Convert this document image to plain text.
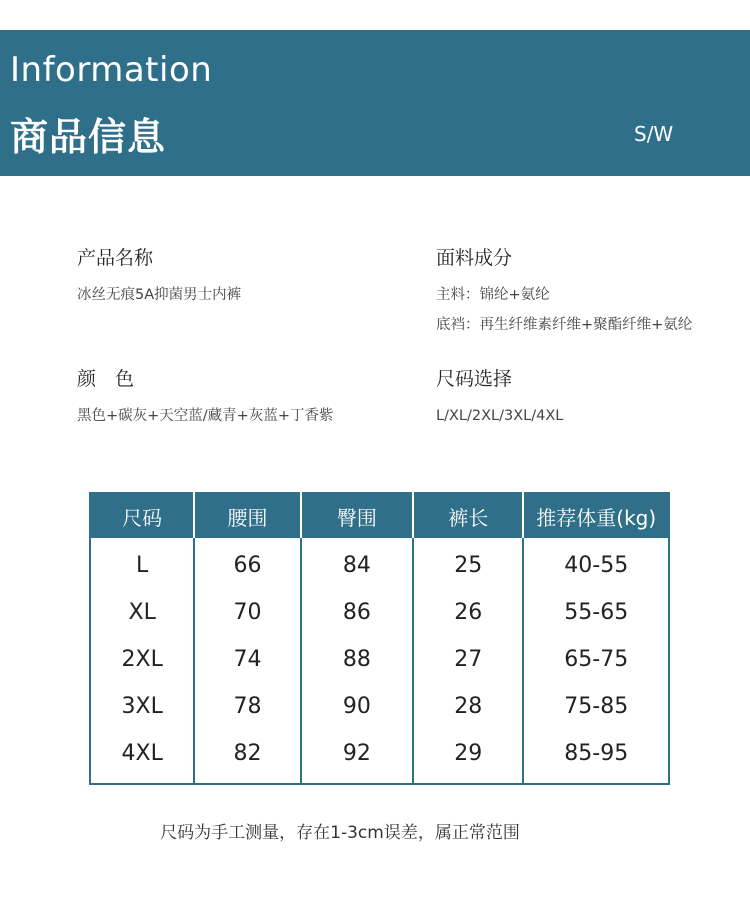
Information
商品信息	S/W
产品名称
冰丝无痕5A抑菌男士内裤
面料成分
主料：锦纶+氨纶
底裆：再生纤维素纤维+聚酯纤维+氨纶
颜　色
黑色+碳灰+天空蓝/藏青+灰蓝+丁香紫
尺码选择
L/XL/2XL/3XL/4XL
尺码	腰围	臀围	裤长	推荐体重(kg)
L	66	84	25	40-55
XL	70	86	26	55-65
2XL	74	88	27	65-75
3XL	78	90	28	75-85
4XL	82	92	29	85-95
尺码为手工测量，存在1-3cm误差，属正常范围
